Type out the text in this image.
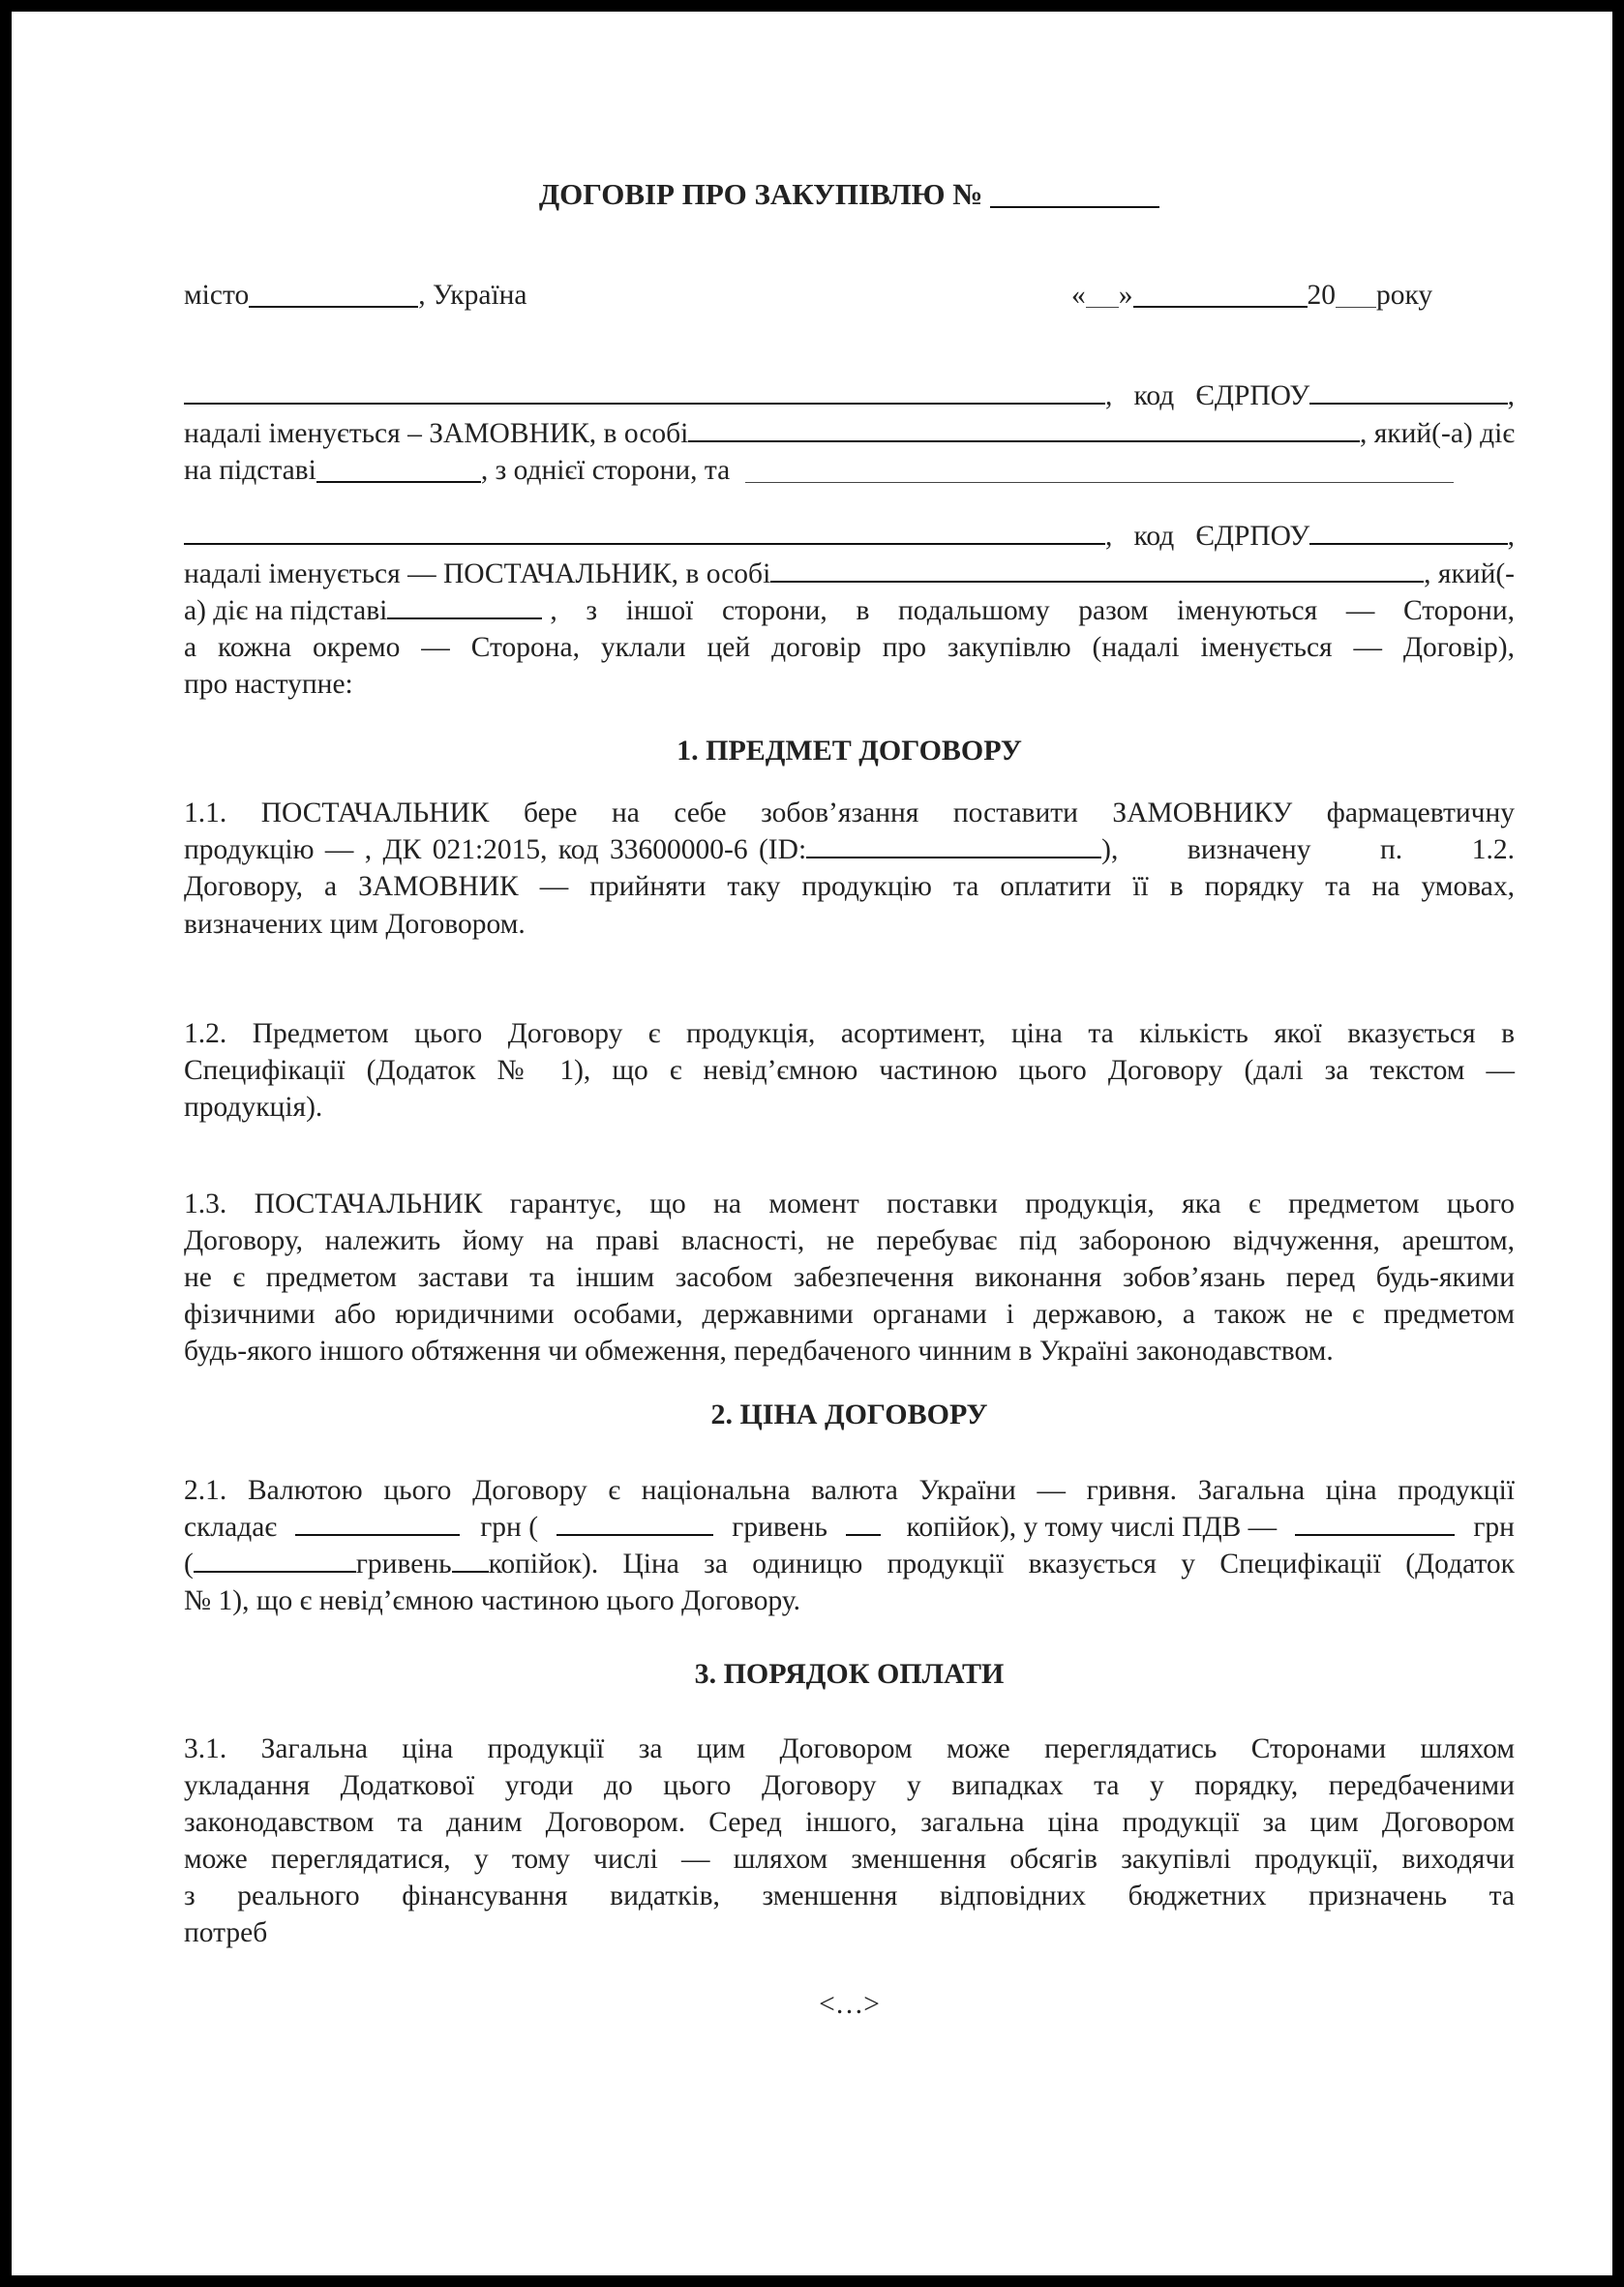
ДОГОВІР ПРО ЗАКУПІВЛЮ №
місто	, Україна	« »	20 року
,   код   ЄДРПОУ	,
надалі іменується – ЗАМОВНИК, в особі	, який(-а) діє
на підставі	, з однієї сторони, та
,   код   ЄДРПОУ	,
надалі іменується — ПОСТАЧАЛЬНИК, в особі	, який(-
а) діє на підставі	, з іншої сторони, в подальшому разом іменуються — Сторони,
а кожна окремо — Сторона, уклали цей договір про закупівлю (надалі іменується — Договір),
про наступне:
1. ПРЕДМЕТ ДОГОВОРУ
1.1. ПОСТАЧАЛЬНИК бере на себе зобов’язання поставити ЗАМОВНИКУ фармацевтичну
продукцію — , ДК 021:2015, код 33600000-6 (ID:	), визначену п. 1.2.
Договору, а ЗАМОВНИК — прийняти таку продукцію та оплатити її в порядку та на умовах,
визначених цим Договором.
1.2. Предметом цього Договору є продукція, асортимент, ціна та кількість якої вказується в
Специфікації (Додаток № 1), що є невід’ємною частиною цього Договору (далі за текстом —
продукція).
1.3. ПОСТАЧАЛЬНИК гарантує, що на момент поставки продукція, яка є предметом цього
Договору, належить йому на праві власності, не перебуває під забороною відчуження, арештом,
не є предметом застави та іншим засобом забезпечення виконання зобов’язань перед будь-якими
фізичними або юридичними особами, державними органами і державою, а також не є предметом
будь-якого іншого обтяження чи обмеження, передбаченого чинним в Україні законодавством.
2. ЦІНА ДОГОВОРУ
2.1. Валютою цього Договору є національна валюта України — гривня. Загальна ціна продукції
складає	грн (	гривень	копійок), у тому числі ПДВ —	грн
(	гривень копійок). Ціна за одиницю продукції вказується у Специфікації (Додаток
№ 1), що є невід’ємною частиною цього Договору.
3. ПОРЯДОК ОПЛАТИ
3.1. Загальна ціна продукції за цим Договором може переглядатись Сторонами шляхом
укладання Додаткової угоди до цього Договору у випадках та у порядку, передбаченими
законодавством та даним Договором. Серед іншого, загальна ціна продукції за цим Договором
може переглядатися, у тому числі — шляхом зменшення обсягів закупівлі продукції, виходячи
з реального фінансування видатків, зменшення відповідних бюджетних призначень та
потреб
<…>
